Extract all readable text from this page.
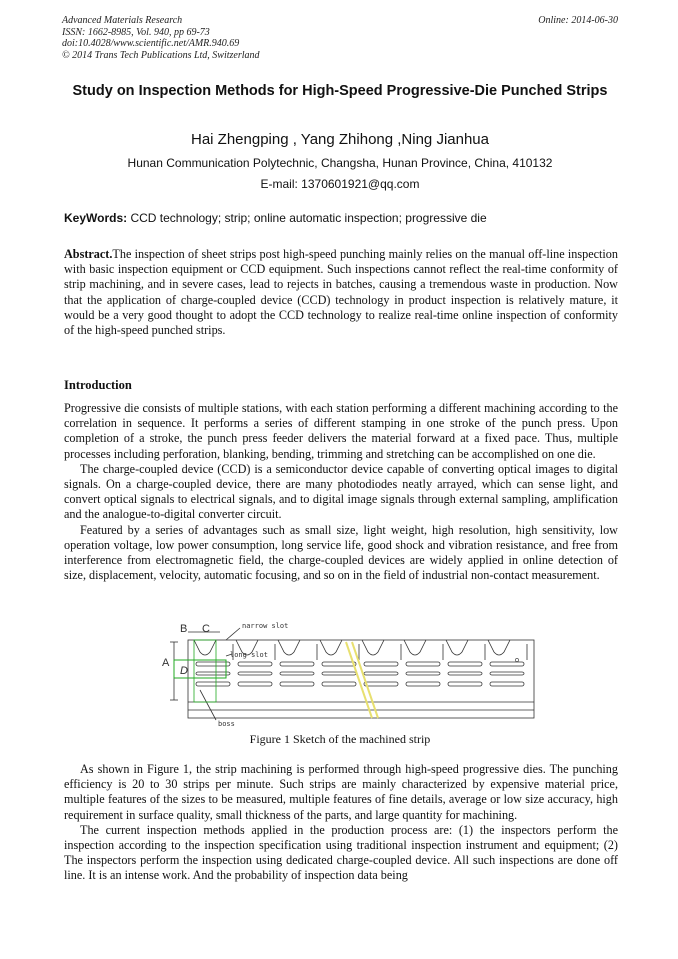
Advanced Materials Research
ISSN: 1662-8985, Vol. 940, pp 69-73
doi:10.4028/www.scientific.net/AMR.940.69
© 2014 Trans Tech Publications Ltd, Switzerland
Online: 2014-06-30
Study on Inspection Methods for High-Speed Progressive-Die Punched Strips
Hai Zhengping , Yang Zhihong ,Ning Jianhua
Hunan Communication Polytechnic, Changsha, Hunan Province, China, 410132
E-mail: 1370601921@qq.com
KeyWords: CCD technology; strip; online automatic inspection; progressive die
Abstract.The inspection of sheet strips post high-speed punching mainly relies on the manual off-line inspection with basic inspection equipment or CCD equipment. Such inspections cannot reflect the real-time conformity of strip machining, and in severe cases, lead to rejects in batches, causing a tremendous waste in production. Now that the application of charge-coupled device (CCD) technology in product inspection is relatively mature, it would be a very good thought to adopt the CCD technology to realize real-time online inspection of conformity of the high-speed punched strips.
Introduction

Progressive die consists of multiple stations, with each station performing a different machining according to the correlation in sequence. It performs a series of different stamping in one stroke of the punch press. Upon completion of a stroke, the punch press feeder delivers the material forward at a fixed pace. Thus, multiple processes including perforation, blanking, bending, trimming and stretching can be accomplished on one die.

The charge-coupled device (CCD) is a semiconductor device capable of converting optical images to digital signals. On a charge-coupled device, there are many photodiodes neatly arrayed, which can sense light, and convert optical signals to electrical signals, and to digital image signals through external sampling, amplification and the analogue-to-digital converter circuit.

Featured by a series of advantages such as small size, light weight, high resolution, high sensitivity, low operation voltage, low power consumption, long service life, good shock and vibration resistance, and free from interference from electromagnetic field, the charge-coupled devices are widely applied in online detection of size, displacement, velocity, automatic focusing, and so on in the field of industrial non-contact measurement.

B C
A
D
narrow slot
long slot
boss
Figure 1 Sketch of the machined strip

As shown in Figure 1, the strip machining is performed through high-speed progressive dies. The punching efficiency is 20 to 30 strips per minute. Such strips are mainly characterized by expensive material price, multiple features of the sizes to be measured, multiple features of fine details, average or low size accuracy, high requirement in surface quality, small thickness of the parts, and large quantity for machining.

The current inspection methods applied in the production process are: (1) the inspectors perform the inspection according to the inspection specification using traditional inspection instrument and equipment; (2) The inspectors perform the inspection using dedicated charge-coupled device. All such inspections are done off line. It is an intense work. And the probability of inspection data being
